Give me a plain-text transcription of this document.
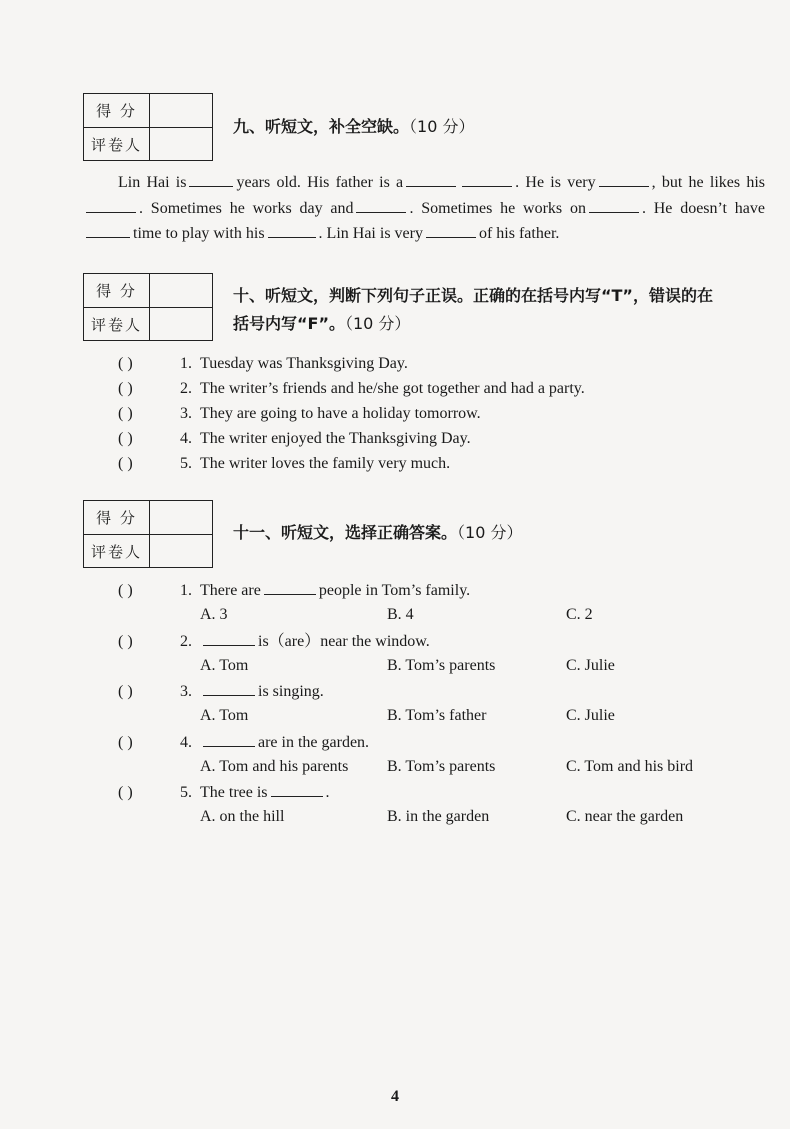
得 分
评卷人
九、听短文，补全空缺。（10 分）
Lin Hai is	years old. His father is a	. He is very	, but he likes his. Sometimes he works day and	. Sometimes he works on	. He doesn’t havetime to play with his	. Lin Hai is very	of his father.
得 分
评卷人
十、听短文，判断下列句子正误。正确的在括号内写“T”，错误的在
括号内写“F”。（10 分）
( )	1. Tuesday was Thanksgiving Day.
( )	2. The writer’s friends and he/she got together and had a party.
( )	3. They are going to have a holiday tomorrow.
( )	4. The writer enjoyed the Thanksgiving Day.
( )	5. The writer loves the family very much.
得 分
评卷人
十一、听短文，选择正确答案。（10 分）
( )	1. There are	people in Tom’s family.
A. 3	B. 4	C. 2
( )	2.	is（are）near the window.
A. Tom	B. Tom’s parents	C. Julie
( )	3.	is singing.
A. Tom	B. Tom’s father	C. Julie
( )	4.	are in the garden.
A. Tom and his parents B. Tom’s parents	C. Tom and his bird
( )	5. The tree is	.
A. on the hill	B. in the garden	C. near the garden
4
